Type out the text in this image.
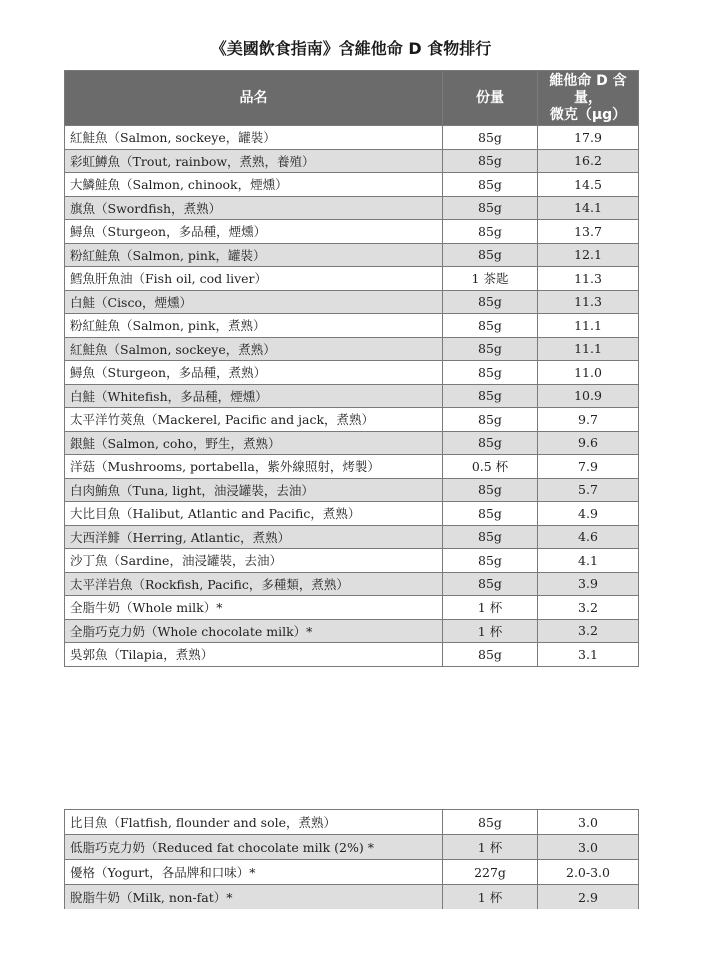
《美國飲食指南》含維他命 D 食物排行
品名	份量	維他命 D 含量，
微克（μg）
紅鮭魚（Salmon, sockeye，罐裝）	85g	17.9
彩虹鱒魚（Trout, rainbow，煮熟，養殖）	85g	16.2
大鱗鮭魚（Salmon, chinook，煙燻）	85g	14.5
旗魚（Swordfish，煮熟）	85g	14.1
鱘魚（Sturgeon，多品種，煙燻）	85g	13.7
粉紅鮭魚（Salmon, pink，罐裝）	85g	12.1
鱈魚肝魚油（Fish oil, cod liver）	1 茶匙	11.3
白鮭（Cisco，煙燻）	85g	11.3
粉紅鮭魚（Salmon, pink，煮熟）	85g	11.1
紅鮭魚（Salmon, sockeye，煮熟）	85g	11.1
鱘魚（Sturgeon，多品種，煮熟）	85g	11.0
白鮭（Whitefish，多品種，煙燻）	85g	10.9
太平洋竹莢魚（Mackerel, Pacific and jack，煮熟）	85g	9.7
銀鮭（Salmon, coho，野生，煮熟）	85g	9.6
洋菇（Mushrooms, portabella，紫外線照射，烤製）	0.5 杯	7.9
白肉鮪魚（Tuna, light，油浸罐裝，去油）	85g	5.7
大比目魚（Halibut, Atlantic and Pacific，煮熟）	85g	4.9
大西洋鯡（Herring, Atlantic，煮熟）	85g	4.6
沙丁魚（Sardine，油浸罐裝，去油）	85g	4.1
太平洋岩魚（Rockfish, Pacific，多種類，煮熟）	85g	3.9
全脂牛奶（Whole milk）*	1 杯	3.2
全脂巧克力奶（Whole chocolate milk）*	1 杯	3.2
吳郭魚（Tilapia，煮熟）	85g	3.1
比目魚（Flatfish, flounder and sole，煮熟）	85g	3.0
低脂巧克力奶（Reduced fat chocolate milk (2%) *	1 杯	3.0
優格（Yogurt，各品牌和口味）*	227g	2.0-3.0
脫脂牛奶（Milk, non-fat）*	1 杯	2.9
